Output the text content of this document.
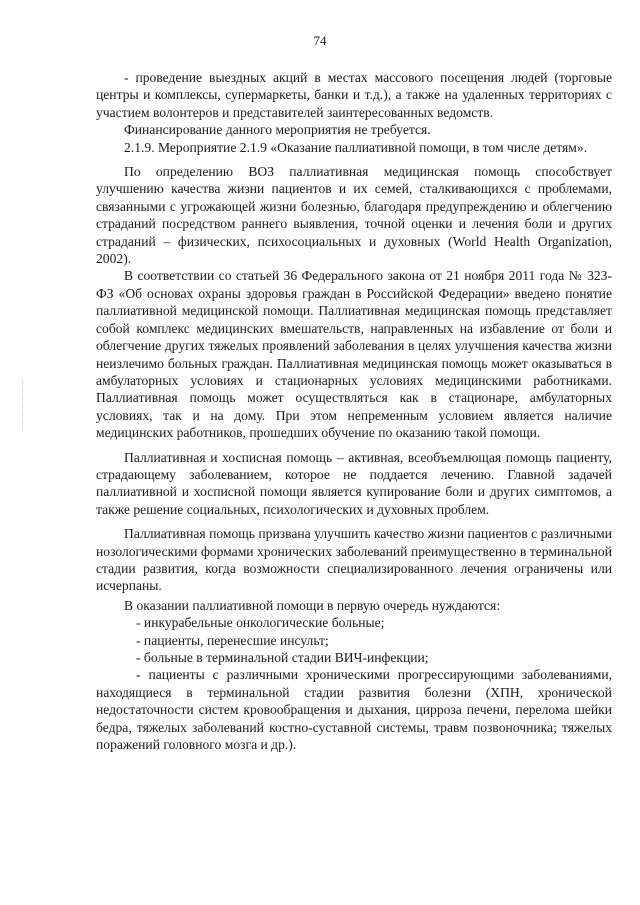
74

- проведение выездных акций в местах массового посещения людей (торговые центры и комплексы, супермаркеты, банки и т.д.), а также на удаленных территориях с участием волонтеров и представителей заинтересованных ведомств.

Финансирование данного мероприятия не требуется.

2.1.9. Мероприятие 2.1.9 «Оказание паллиативной помощи, в том числе детям».

По определению ВОЗ паллиативная медицинская помощь способствует улучшению качества жизни пациентов и их семей, сталкивающихся с проблемами, связанными с угрожающей жизни болезнью, благодаря предупреждению и облегчению страданий посредством раннего выявления, точной оценки и лечения боли и других страданий – физических, психосоциальных и духовных (World Health Organization, 2002).

В соответствии со статьей 36 Федерального закона от 21 ноября 2011 года № 323-ФЗ «Об основах охраны здоровья граждан в Российской Федерации» введено понятие паллиативной медицинской помощи. Паллиативная медицинская помощь представляет собой комплекс медицинских вмешательств, направленных на избавление от боли и облегчение других тяжелых проявлений заболевания в целях улучшения качества жизни неизлечимо больных граждан. Паллиативная медицинская помощь может оказываться в амбулаторных условиях и стационарных условиях медицинскими работниками. Паллиативная помощь может осуществляться как в стационаре, амбулаторных условиях, так и на дому. При этом непременным условием является наличие медицинских работников, прошедших обучение по оказанию такой помощи.

Паллиативная и хосписная помощь – активная, всеобъемлющая помощь пациенту, страдающему заболеванием, которое не поддается лечению. Главной задачей паллиативной и хосписной помощи является купирование боли и других симптомов, а также решение социальных, психологических и духовных проблем.

Паллиативная помощь призвана улучшить качество жизни пациентов с различными нозологическими формами хронических заболеваний преимущественно в терминальной стадии развития, когда возможности специализированного лечения ограничены или исчерпаны.

В оказании паллиативной помощи в первую очередь нуждаются:

- инкурабельные онкологические больные;

- пациенты, перенесшие инсульт;

- больные в терминальной стадии ВИЧ-инфекции;

- пациенты с различными хроническими прогрессирующими заболеваниями, находящиеся в терминальной стадии развития болезни (ХПН, хронической недостаточности систем кровообращения и дыхания, цирроза печени, перелома шейки бедра, тяжелых заболеваний костно-суставной системы, травм позвоночника; тяжелых поражений головного мозга и др.).
